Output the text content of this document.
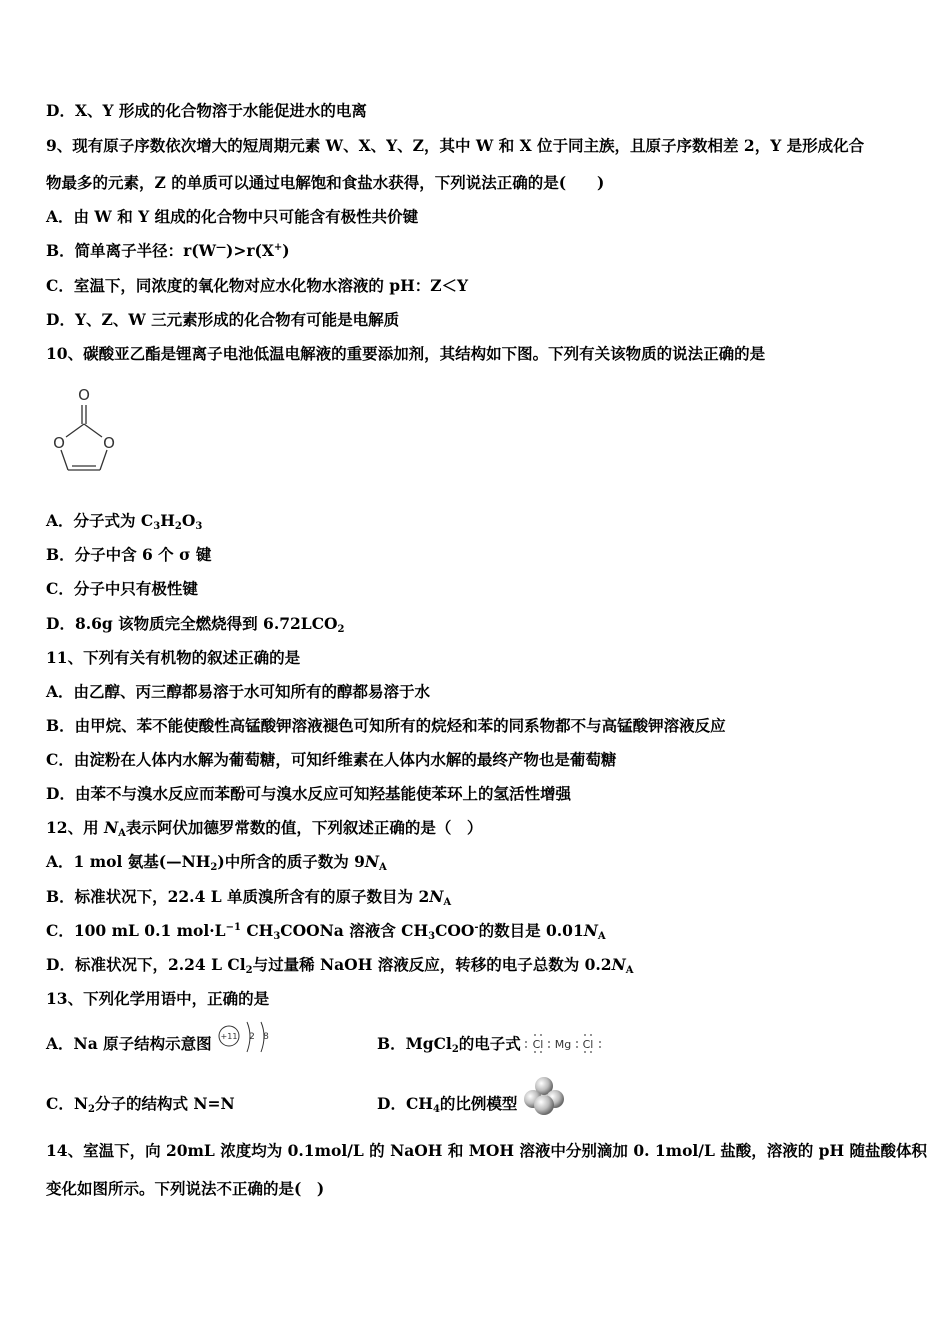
D．X、Y 形成的化合物溶于水能促进水的电离
9、现有原子序数依次增大的短周期元素 W、X、Y、Z，其中 W 和 X 位于同主族，且原子序数相差 2，Y 是形成化合
物最多的元素，Z 的单质可以通过电解饱和食盐水获得，下列说法正确的是(　　)
A．由 W 和 Y 组成的化合物中只可能含有极性共价键
B．简单离子半径：r(W—)>r(X+)
C．室温下，同浓度的氧化物对应水化物水溶液的 pH：Z＜Y
D．Y、Z、W 三元素形成的化合物有可能是电解质
10、碳酸亚乙酯是锂离子电池低温电解液的重要添加剂，其结构如下图。下列有关该物质的说法正确的是
O
O	O
A．分子式为 $C_3H_2O_3$
B．分子中含 6 个 σ 键
C．分子中只有极性键
D．8.6g 该物质完全燃烧得到 $6.72LCO_2$
11、下列有关有机物的叙述正确的是
A．由乙醇、丙三醇都易溶于水可知所有的醇都易溶于水
B．由甲烷、苯不能使酸性高锰酸钾溶液褪色可知所有的烷烃和苯的同系物都不与高锰酸钾溶液反应
C．由淀粉在人体内水解为葡萄糖，可知纤维素在人体内水解的最终产物也是葡萄糖
D．由苯不与溴水反应而苯酚可与溴水反应可知羟基能使苯环上的氢活性增强
12、用 $N_A$表示阿伏加德罗常数的值，下列叙述正确的是（　）
A．1 mol 氨基$(—NH_2)$中所含的质子数为 $9N_A$
B．标准状况下，22.4 L 单质溴所含有的原子数目为 $2N_A$
C．100 mL 0.1 $mol\cdot L^{-1}$ $CH_3COONa$ 溶液含 $CH_3COO^-$的数目是 $0.01N_A$
D．标准状况下，2.24 L $Cl_2$与过量稀 NaOH 溶液反应，转移的电子总数为 $0.2N_A$
13、下列化学用语中，正确的是
A．Na 原子结构示意图 +11 2 8	B．MgCl$_2$的电子式 Cl Mg Cl
C．$N_2$分子的结构式 N=N	D．$CH_4$的比例模型
14、室温下，向 20mL 浓度均为 0.1mol/L 的 NaOH 和 MOH 溶液中分别滴加 0. 1mol/L 盐酸，溶液的 pH 随盐酸体积
变化如图所示。下列说法不正确的是(　)
